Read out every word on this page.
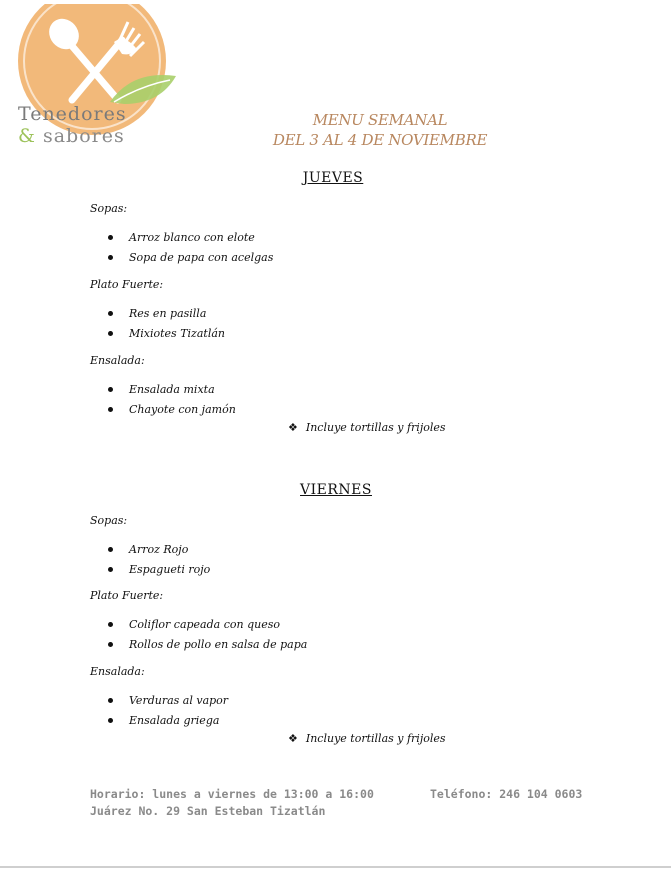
Tenedores
& sabores
MENU SEMANAL
DEL 3 AL 4 DE NOVIEMBRE
JUEVES
Sopas:
Arroz blanco con elote
Sopa de papa con acelgas
Plato Fuerte:
Res en pasilla
Mixiotes Tizatlán
Ensalada:
Ensalada mixta
Chayote con jamón
❖ Incluye tortillas y frijoles
VIERNES
Sopas:
Arroz Rojo
Espagueti rojo
Plato Fuerte:
Coliflor capeada con queso
Rollos de pollo en salsa de papa
Ensalada:
Verduras al vapor
Ensalada griega
❖ Incluye tortillas y frijoles
Horario: lunes a viernes de 13:00 a 16:00	Teléfono: 246 104 0603
Juárez No. 29 San Esteban Tizatlán
